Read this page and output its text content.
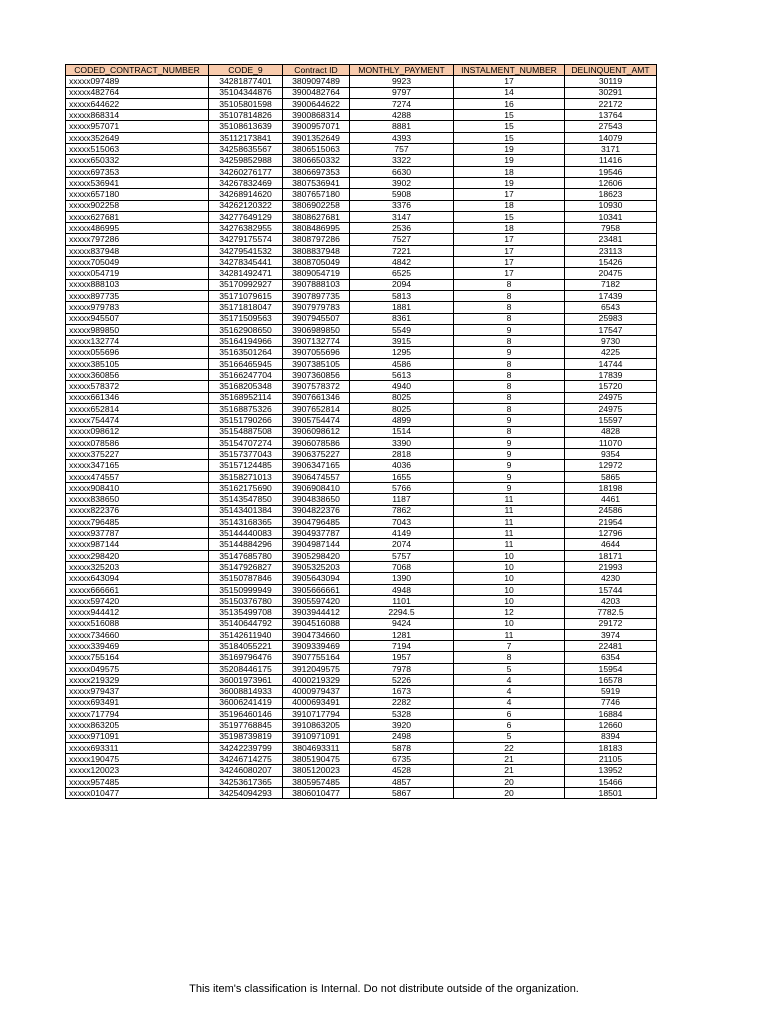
CODED_CONTRACT_NUMBER	CODE_9	Contract ID	MONTHLY_PAYMENT	INSTALMENT_NUMBER	DELINQUENT_AMT
xxxxx097489	34281877401	3809097489	9923	17	30119
xxxxx482764	35104344876	3900482764	9797	14	30291
xxxxx644622	35105801598	3900644622	7274	16	22172
xxxxx868314	35107814826	3900868314	4288	15	13764
xxxxx957071	35108613639	3900957071	8881	15	27543
xxxxx352649	35112173841	3901352649	4393	15	14079
xxxxx515063	34258635567	3806515063	757	19	3171
xxxxx650332	34259852988	3806650332	3322	19	11416
xxxxx697353	34260276177	3806697353	6630	18	19546
xxxxx536941	34267832469	3807536941	3902	19	12606
xxxxx657180	34268914620	3807657180	5908	17	18623
xxxxx902258	34262120322	3806902258	3376	18	10930
xxxxx627681	34277649129	3808627681	3147	15	10341
xxxxx486995	34276382955	3808486995	2536	18	7958
xxxxx797286	34279175574	3808797286	7527	17	23481
xxxxx837948	34279541532	3808837948	7221	17	23113
xxxxx705049	34278345441	3808705049	4842	17	15426
xxxxx054719	34281492471	3809054719	6525	17	20475
xxxxx888103	35170992927	3907888103	2094	8	7182
xxxxx897735	35171079615	3907897735	5813	8	17439
xxxxx979783	35171818047	3907979783	1881	8	6543
xxxxx945507	35171509563	3907945507	8361	8	25983
xxxxx989850	35162908650	3906989850	5549	9	17547
xxxxx132774	35164194966	3907132774	3915	8	9730
xxxxx055696	35163501264	3907055696	1295	9	4225
xxxxx385105	35166465945	3907385105	4586	8	14744
xxxxx360856	35166247704	3907360856	5613	8	17839
xxxxx578372	35168205348	3907578372	4940	8	15720
xxxxx661346	35168952114	3907661346	8025	8	24975
xxxxx652814	35168875326	3907652814	8025	8	24975
xxxxx754474	35151790266	3905754474	4899	9	15597
xxxxx098612	35154887508	3906098612	1514	8	4828
xxxxx078586	35154707274	3906078586	3390	9	11070
xxxxx375227	35157377043	3906375227	2818	9	9354
xxxxx347165	35157124485	3906347165	4036	9	12972
xxxxx474557	35158271013	3906474557	1655	9	5865
xxxxx908410	35162175690	3906908410	5766	9	18198
xxxxx838650	35143547850	3904838650	1187	11	4461
xxxxx822376	35143401384	3904822376	7862	11	24586
xxxxx796485	35143168365	3904796485	7043	11	21954
xxxxx937787	35144440083	3904937787	4149	11	12796
xxxxx987144	35144884296	3904987144	2074	11	4644
xxxxx298420	35147685780	3905298420	5757	10	18171
xxxxx325203	35147926827	3905325203	7068	10	21993
xxxxx643094	35150787846	3905643094	1390	10	4230
xxxxx666661	35150999949	3905666661	4948	10	15744
xxxxx597420	35150376780	3905597420	1101	10	4203
xxxxx944412	35135499708	3903944412	2294.5	12	7782.5
xxxxx516088	35140644792	3904516088	9424	10	29172
xxxxx734660	35142611940	3904734660	1281	11	3974
xxxxx339469	35184055221	3909339469	7194	7	22481
xxxxx755164	35169796476	3907755164	1957	8	6354
xxxxx049575	35208446175	3912049575	7978	5	15954
xxxxx219329	36001973961	4000219329	5226	4	16578
xxxxx979437	36008814933	4000979437	1673	4	5919
xxxxx693491	36006241419	4000693491	2282	4	7746
xxxxx717794	35196460146	3910717794	5328	6	16884
xxxxx863205	35197768845	3910863205	3920	6	12660
xxxxx971091	35198739819	3910971091	2498	5	8394
xxxxx693311	34242239799	3804693311	5878	22	18183
xxxxx190475	34246714275	3805190475	6735	21	21105
xxxxx120023	34246080207	3805120023	4528	21	13952
xxxxx957485	34253617365	3805957485	4857	20	15466
xxxxx010477	34254094293	3806010477	5867	20	18501
This item's classification is Internal. Do not distribute outside of the organization.
